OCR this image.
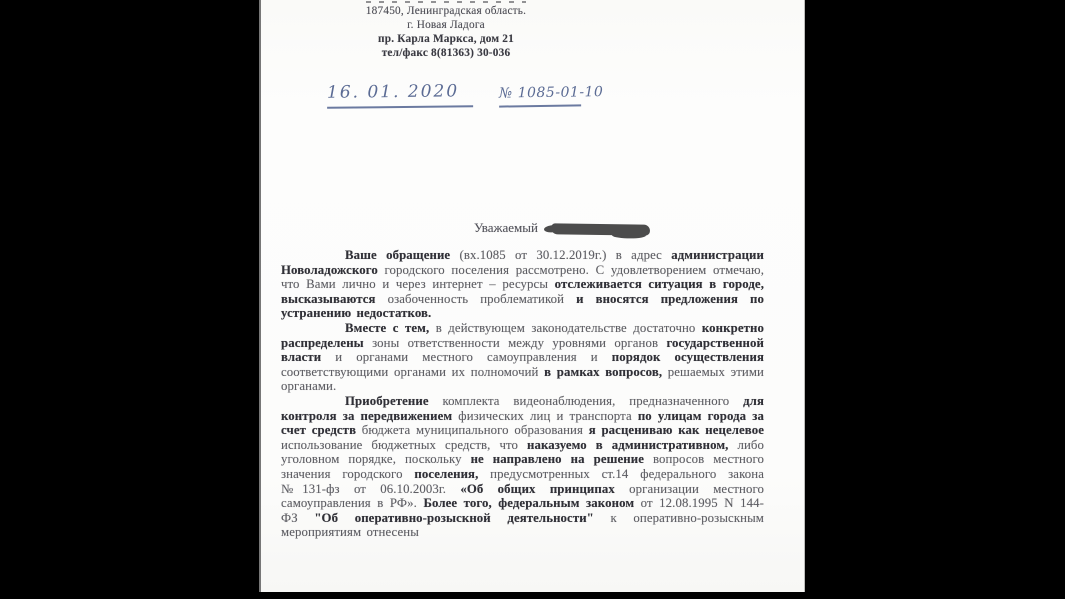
187450, Ленинградская область.
г. Новая Ладога
пр. Карла Маркса, дом 21
тел/факс 8(81363) 30-036
16. 01. 2020	№ 1085-01-10
Уважаемый

Ваше обращение (вх.1085 от 30.12.2019г.) в адрес администрации Новоладожского городского поселения рассмотрено. С удовлетворением отмечаю, что Вами лично и через интернет – ресурсы отслеживается ситуация в городе, высказываются озабоченность проблематикой и вносятся предложения по устранению недостатков.

Вместе с тем, в действующем законодательстве достаточно конкретно распределены зоны ответственности между уровнями органов государственной власти и органами местного самоуправления и порядок осуществления соответствующими органами их полномочий в рамках вопросов, решаемых этими органами.

Приобретение комплекта видеонаблюдения, предназначенного для контроля за передвижением физических лиц и транспорта по улицам города за счет средств бюджета муниципального образования я расцениваю как нецелевое использование бюджетных средств, что наказуемо в административном, либо уголовном порядке, поскольку не направлено на решение вопросов местного значения городского поселения, предусмотренных ст.14 федерального закона №131-фз от 06.10.2003г. «Об общих принципах организации местного самоуправления в РФ». Более того, федеральным законом от 12.08.1995 N 144-ФЗ "Об оперативно-розыскной деятельности" к оперативно-розыскным мероприятиям отнесены
